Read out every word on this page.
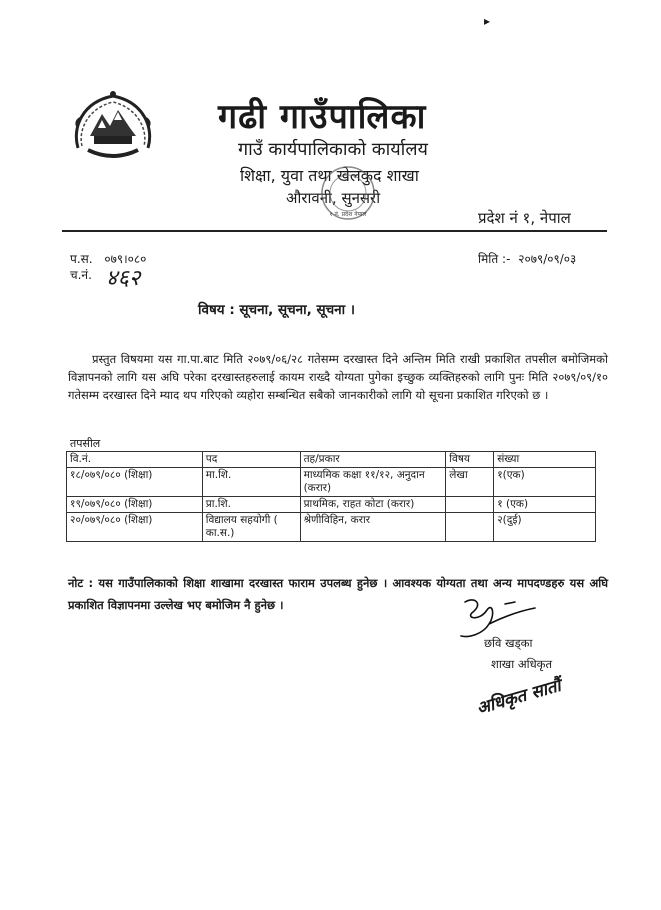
▸
गढी गाउँपालिका
गाउँ कार्यपालिकाको कार्यालय
शिक्षा, युवा तथा खेलकुद शाखा
औरावनी, सुनसरी
१ नं. प्रदेश नेपाल	प्रदेश नं १, नेपाल
प.स. ०७९।०८०
च.नं. ४६२
मिति :- २०७९/०९/०३
विषय : सूचना, सूचना, सूचना ।
प्रस्तुत विषयमा यस गा.पा.बाट मिति २०७९/०६/२८ गतेसम्म दरखास्त दिने अन्तिम मिति राखी प्रकाशित तपसील बमोजिमको विज्ञापनको लागि यस अघि परेका दरखास्तहरुलाई कायम राख्दै योग्यता पुगेका इच्छुक व्यक्तिहरुको लागि पुनः मिति २०७९/०९/१० गतेसम्म दरखास्त दिने म्याद थप गरिएको व्यहोरा सम्बन्धित सबैको जानकारीको लागि यो सूचना प्रकाशित गरिएको छ ।
तपसील
वि.नं.	पद	तह/प्रकार	विषय	संख्या
१८/०७९/०८० (शिक्षा)	मा.शि.	माध्यमिक कक्षा ११/१२, अनुदान (करार)	लेखा	१(एक)
१९/०७९/०८० (शिक्षा)	प्रा.शि.	प्राथमिक, राहत कोटा (करार)		१ (एक)
२०/०७९/०८० (शिक्षा)	विद्यालय सहयोगी ( का.स.)	श्रेणीविहिन, करार		२(दुई)
नोट : यस गाउँपालिकाको शिक्षा शाखामा दरखास्त फाराम उपलब्ध हुनेछ । आवश्यक योग्यता तथा अन्य मापदण्डहरु यस अघि प्रकाशित विज्ञापनमा उल्लेख भए बमोजिम नै हुनेछ ।
छवि खड्का
शाखा अधिकृत
अधिकृत सातौं
